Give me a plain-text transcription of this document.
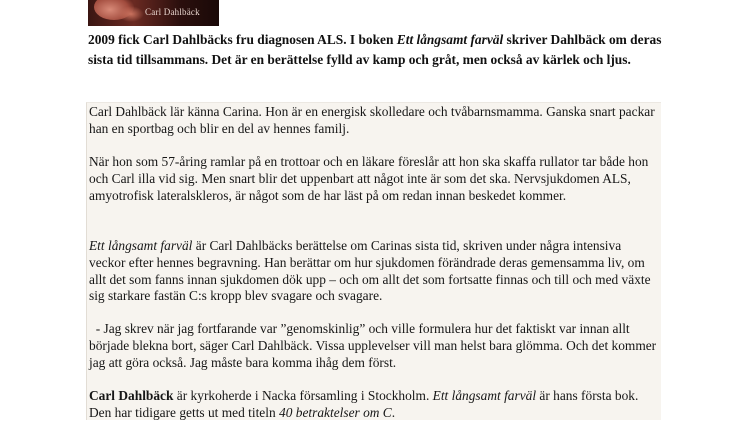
Carl Dahlbäck

2009 fick Carl Dahlbäcks fru diagnosen ALS. I boken Ett långsamt farväl skriver Dahlbäck om deras sista tid tillsammans. Det är en berättelse fylld av kamp och gråt, men också av kärlek och ljus.

Carl Dahlbäck lär känna Carina. Hon är en energisk skolledare och tvåbarnsmamma. Ganska snart packar han en sportbag och blir en del av hennes familj.

När hon som 57-åring ramlar på en trottoar och en läkare föreslår att hon ska skaffa rullator tar både hon och Carl illa vid sig. Men snart blir det uppenbart att något inte är som det ska. Nervsjukdomen ALS, amyotrofisk lateralskleros, är något som de har läst på om redan innan beskedet kommer.

Ett långsamt farväl är Carl Dahlbäcks berättelse om Carinas sista tid, skriven under några intensiva veckor efter hennes begravning. Han berättar om hur sjukdomen förändrade deras gemensamma liv, om allt det som fanns innan sjukdomen dök upp – och om allt det som fortsatte finnas och till och med växte sig starkare fastän C:s kropp blev svagare och svagare.

- Jag skrev när jag fortfarande var ”genomskinlig” och ville formulera hur det faktiskt var innan allt började blekna bort, säger Carl Dahlbäck. Vissa upplevelser vill man helst bara glömma. Och det kommer jag att göra också. Jag måste bara komma ihåg dem först.

Carl Dahlbäck är kyrkoherde i Nacka församling i Stockholm. Ett långsamt farväl är hans första bok. Den har tidigare getts ut med titeln 40 betraktelser om C.
